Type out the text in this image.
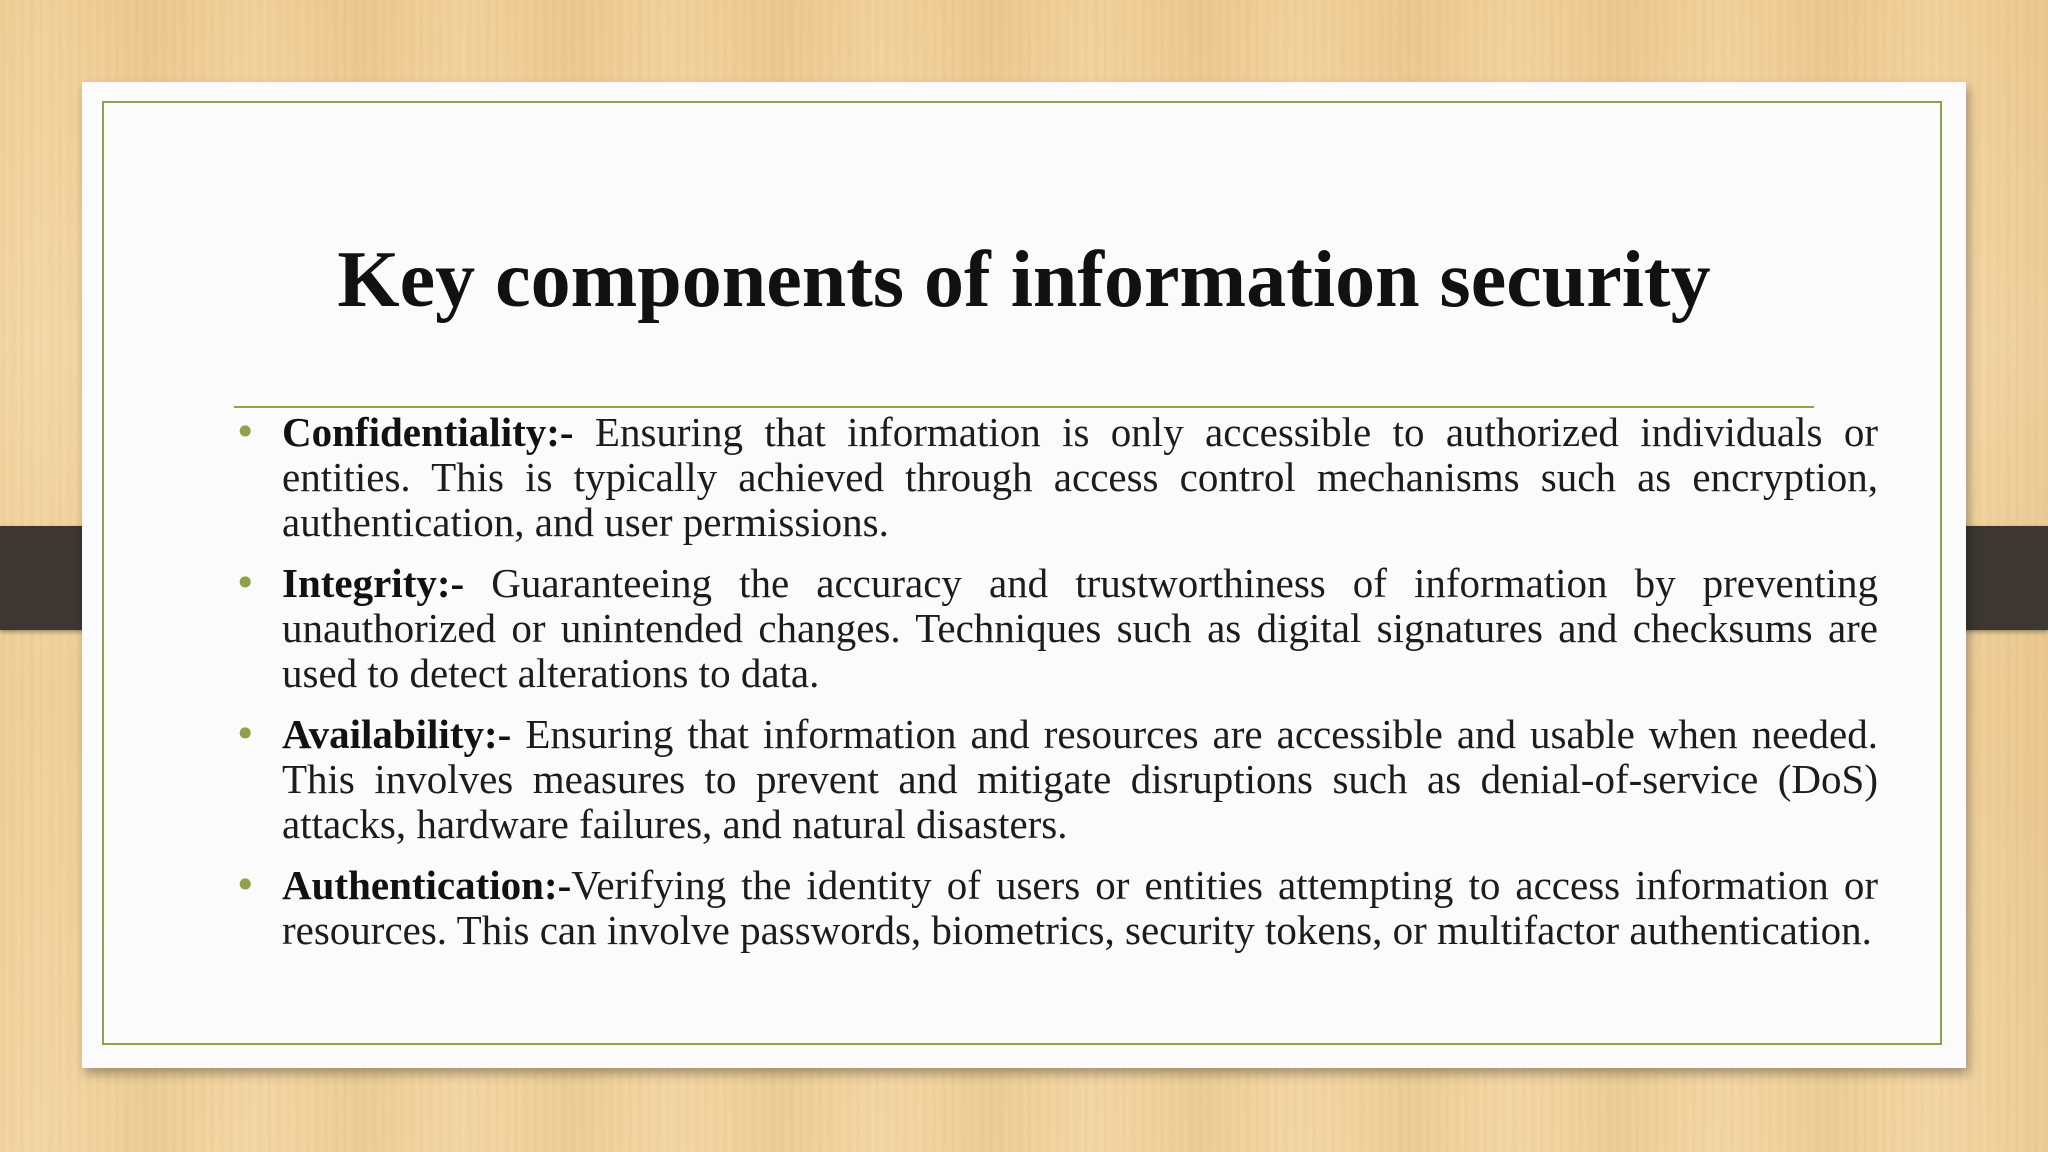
Key components of information security
• Confidentiality:- Ensuring that information is only accessible to authorized individuals or entities. This is typically achieved through access control mechanisms such as encryption, authentication, and user permissions.
• Integrity:- Guaranteeing the accuracy and trustworthiness of information by preventing unauthorized or unintended changes. Techniques such as digital signatures and checksums are used to detect alterations to data.
• Availability:- Ensuring that information and resources are accessible and usable when needed. This involves measures to prevent and mitigate disruptions such as denial-of-service (DoS) attacks, hardware failures, and natural disasters.
• Authentication:-Verifying the identity of users or entities attempting to access information or resources. This can involve passwords, biometrics, security tokens, or multifactor authentication.
